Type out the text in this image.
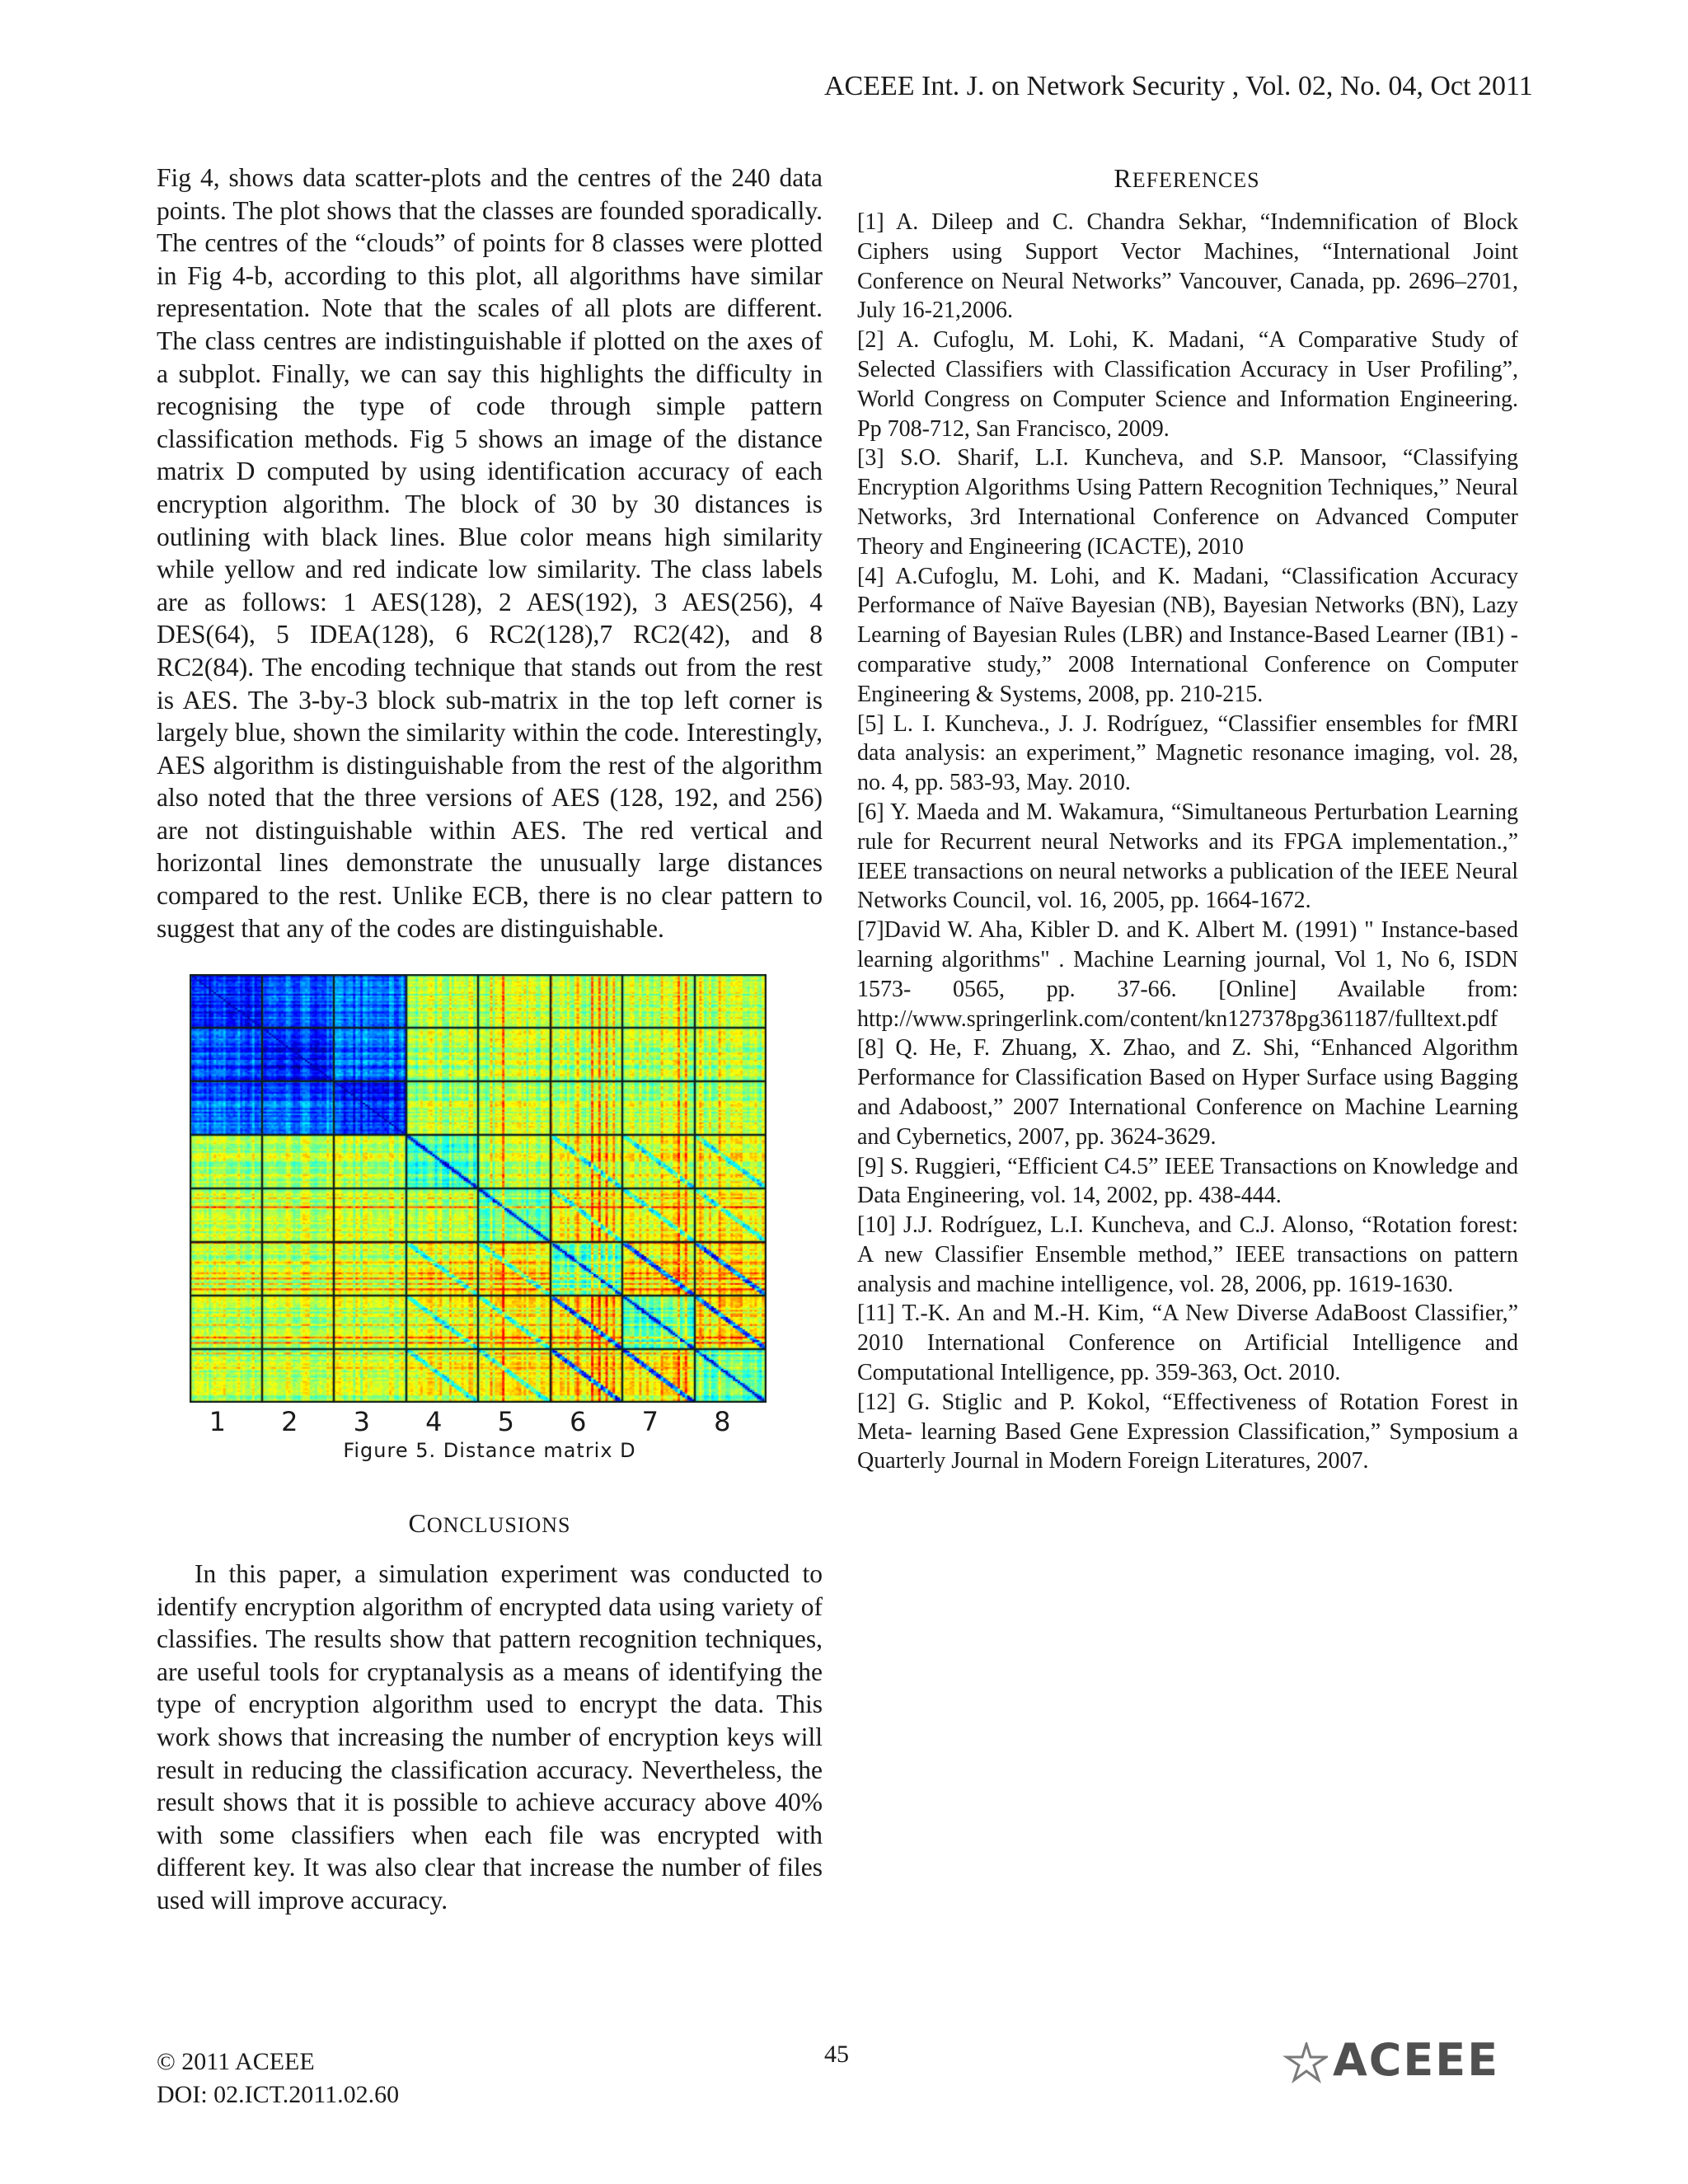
ACEEE Int. J. on Network Security , Vol. 02, No. 04, Oct 2011

Fig 4, shows data scatter-plots and the centres of the 240 data points. The plot shows that the classes are founded sporadically. The centres of the “clouds” of points for 8 classes were plotted in Fig 4-b, according to this plot, all algorithms have similar representation. Note that the scales of all plots are different. The class centres are indistinguishable if plotted on the axes of a subplot. Finally, we can say this highlights the difficulty in recognising the type of code through simple pattern classification methods. Fig 5 shows an image of the distance matrix D computed by using identification accuracy of each encryption algorithm. The block of 30 by 30 distances is outlining with black lines. Blue color means high similarity while yellow and red indicate low similarity. The class labels are as follows: 1 AES(128), 2 AES(192), 3 AES(256), 4 DES(64), 5 IDEA(128), 6 RC2(128),7 RC2(42), and 8 RC2(84). The encoding technique that stands out from the rest is AES. The 3-by-3 block sub-matrix in the top left corner is largely blue, shown the similarity within the code. Interestingly, AES algorithm is distinguishable from the rest of the algorithm also noted that the three versions of AES (128, 192, and 256) are not distinguishable within AES. The red vertical and horizontal lines demonstrate the unusually large distances compared to the rest. Unlike ECB, there is no clear pattern to suggest that any of the codes are distinguishable.

1 2 3 4 5 6 7 8
Figure 5. Distance matrix D
CONCLUSIONS

In this paper, a simulation experiment was conducted to identify encryption algorithm of encrypted data using variety of classifies. The results show that pattern recognition techniques, are useful tools for cryptanalysis as a means of identifying the type of encryption algorithm used to encrypt the data. This work shows that increasing the number of encryption keys will result in reducing the classification accuracy. Nevertheless, the result shows that it is possible to achieve accuracy above 40% with some classifiers when each file was encrypted with different key. It was also clear that increase the number of files used will improve accuracy.

REFERENCES

[1] A. Dileep and C. Chandra Sekhar, “Indemnification of Block Ciphers using Support Vector Machines, “International Joint Conference on Neural Networks” Vancouver, Canada, pp. 2696–2701, July 16-21,2006.

[2] A. Cufoglu, M. Lohi, K. Madani, “A Comparative Study of Selected Classifiers with Classification Accuracy in User Profiling”, World Congress on Computer Science and Information Engineering. Pp 708-712, San Francisco, 2009.

[3] S.O. Sharif, L.I. Kuncheva, and S.P. Mansoor, “Classifying Encryption Algorithms Using Pattern Recognition Techniques,” Neural Networks, 3rd International Conference on Advanced Computer Theory and Engineering (ICACTE), 2010

[4] A.Cufoglu, M. Lohi, and K. Madani, “Classification Accuracy Performance of Naïve Bayesian (NB), Bayesian Networks (BN), Lazy Learning of Bayesian Rules (LBR) and Instance-Based Learner (IB1) - comparative study,” 2008 International Conference on Computer Engineering & Systems, 2008, pp. 210-215.

[5] L. I. Kuncheva., J. J. Rodríguez, “Classifier ensembles for fMRI data analysis: an experiment,” Magnetic resonance imaging, vol. 28, no. 4, pp. 583-93, May. 2010.

[6] Y. Maeda and M. Wakamura, “Simultaneous Perturbation Learning rule for Recurrent neural Networks and its FPGA implementation.,” IEEE transactions on neural networks a publication of the IEEE Neural Networks Council, vol. 16, 2005, pp. 1664-1672.

[7]David W. Aha, Kibler D. and K. Albert M. (1991) " Instance-based learning algorithms" . Machine Learning journal, Vol 1, No 6, ISDN 1573- 0565, pp. 37-66. [Online] Available from: http://www.springerlink.com/content/kn127378pg361187/fulltext.pdf

[8] Q. He, F. Zhuang, X. Zhao, and Z. Shi, “Enhanced Algorithm Performance for Classification Based on Hyper Surface using Bagging and Adaboost,” 2007 International Conference on Machine Learning and Cybernetics, 2007, pp. 3624-3629.

[9] S. Ruggieri, “Efficient C4.5” IEEE Transactions on Knowledge and Data Engineering, vol. 14, 2002, pp. 438-444.

[10] J.J. Rodríguez, L.I. Kuncheva, and C.J. Alonso, “Rotation forest: A new Classifier Ensemble method,” IEEE transactions on pattern analysis and machine intelligence, vol. 28, 2006, pp. 1619-1630.

[11] T.-K. An and M.-H. Kim, “A New Diverse AdaBoost Classifier,” 2010 International Conference on Artificial Intelligence and Computational Intelligence, pp. 359-363, Oct. 2010.

[12] G. Stiglic and P. Kokol, “Effectiveness of Rotation Forest in Meta- learning Based Gene Expression Classification,” Symposium a Quarterly Journal in Modern Foreign Literatures, 2007.

© 2011 ACEEE
DOI: 02.ICT.2011.02.60
45	ACEEE
